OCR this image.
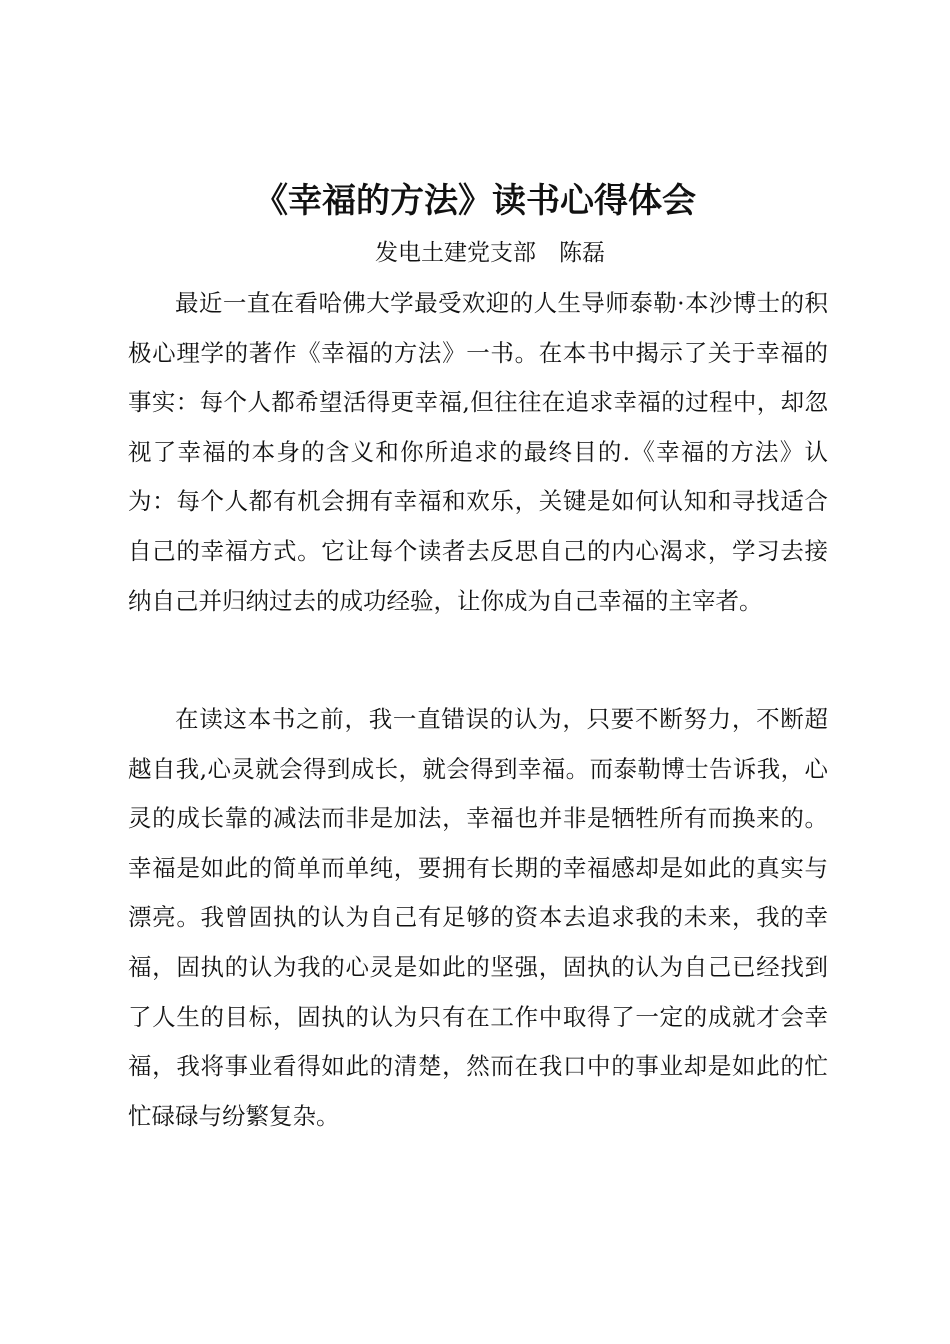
《幸福的方法》读书心得体会
发电土建党支部　陈磊

最近一直在看哈佛大学最受欢迎的人生导师泰勒·本沙博士的积极心理学的著作《幸福的方法》一书。在本书中揭示了关于幸福的事实：每个人都希望活得更幸福,但往往在追求幸福的过程中，却忽视了幸福的本身的含义和你所追求的最终目的.《幸福的方法》认为：每个人都有机会拥有幸福和欢乐，关键是如何认知和寻找适合自己的幸福方式。它让每个读者去反思自己的内心渴求，学习去接纳自己并归纳过去的成功经验，让你成为自己幸福的主宰者。

在读这本书之前，我一直错误的认为，只要不断努力，不断超越自我,心灵就会得到成长，就会得到幸福。而泰勒博士告诉我，心灵的成长靠的减法而非是加法，幸福也并非是牺牲所有而换来的。幸福是如此的简单而单纯，要拥有长期的幸福感却是如此的真实与漂亮。我曾固执的认为自己有足够的资本去追求我的未来，我的幸福，固执的认为我的心灵是如此的坚强，固执的认为自己已经找到了人生的目标，固执的认为只有在工作中取得了一定的成就才会幸福，我将事业看得如此的清楚，然而在我口中的事业却是如此的忙忙碌碌与纷繁复杂。
